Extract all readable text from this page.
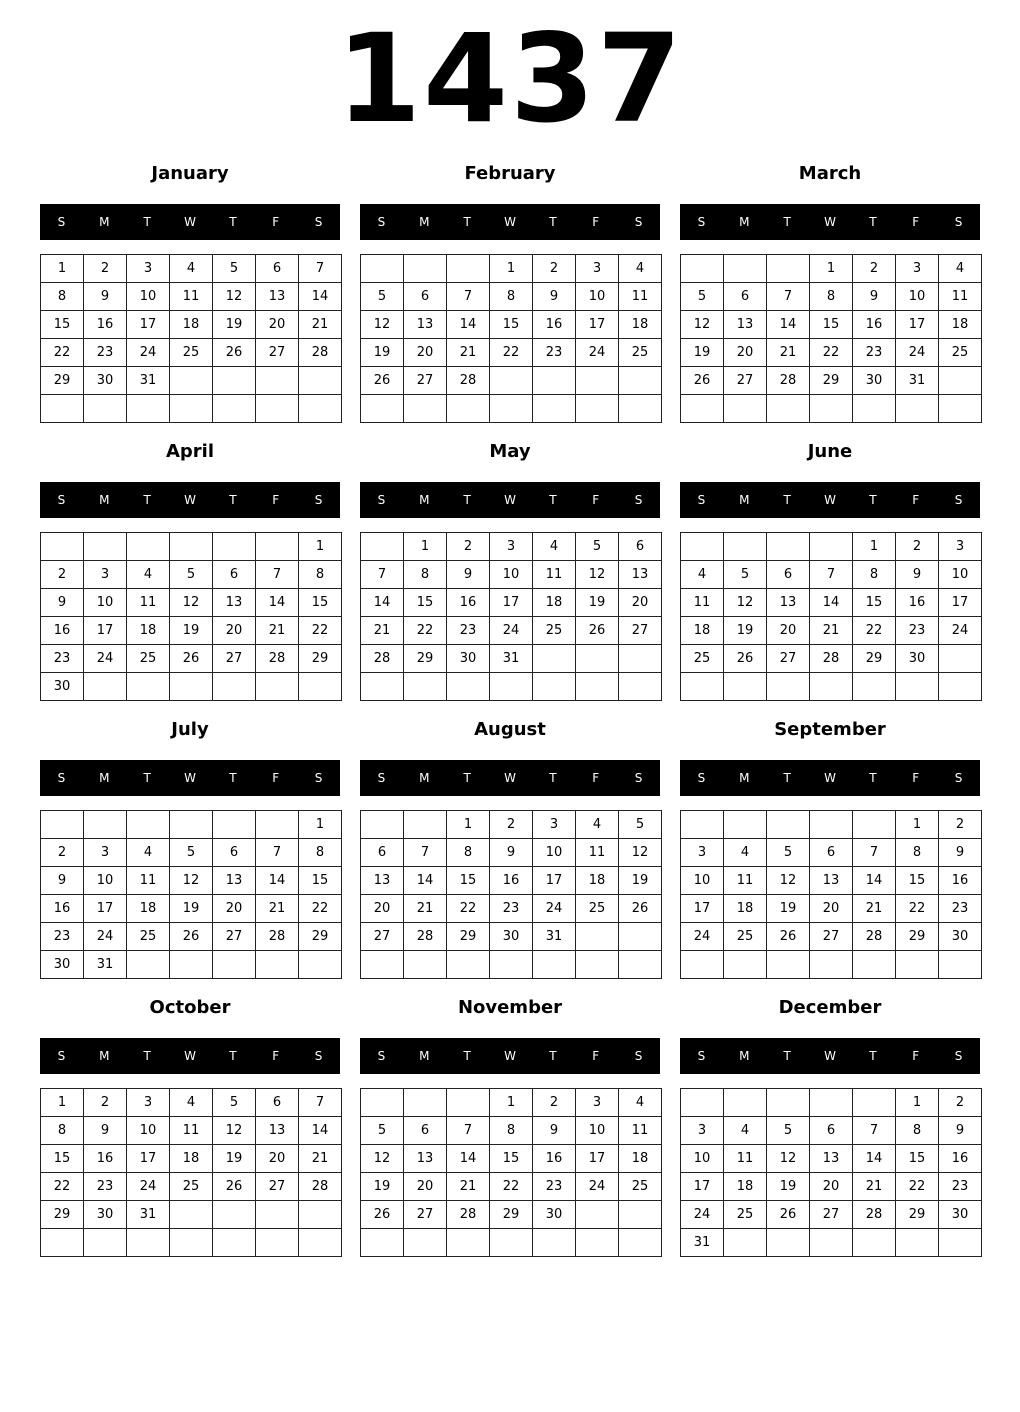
1437
January
S	M	T	W	T	F	S
1	2	3	4	5	6	7
8	9	10	11	12	13	14
15	16	17	18	19	20	21
22	23	24	25	26	27	28
29	30	31				

February
S	M	T	W	T	F	S
			1	2	3	4
5	6	7	8	9	10	11
12	13	14	15	16	17	18
19	20	21	22	23	24	25
26	27	28				

March
S	M	T	W	T	F	S
			1	2	3	4
5	6	7	8	9	10	11
12	13	14	15	16	17	18
19	20	21	22	23	24	25
26	27	28	29	30	31	

April
S	M	T	W	T	F	S
						1
2	3	4	5	6	7	8
9	10	11	12	13	14	15
16	17	18	19	20	21	22
23	24	25	26	27	28	29
30						
May
S	M	T	W	T	F	S
	1	2	3	4	5	6
7	8	9	10	11	12	13
14	15	16	17	18	19	20
21	22	23	24	25	26	27
28	29	30	31			

June
S	M	T	W	T	F	S
				1	2	3
4	5	6	7	8	9	10
11	12	13	14	15	16	17
18	19	20	21	22	23	24
25	26	27	28	29	30	

July
S	M	T	W	T	F	S
						1
2	3	4	5	6	7	8
9	10	11	12	13	14	15
16	17	18	19	20	21	22
23	24	25	26	27	28	29
30	31					
August
S	M	T	W	T	F	S
		1	2	3	4	5
6	7	8	9	10	11	12
13	14	15	16	17	18	19
20	21	22	23	24	25	26
27	28	29	30	31		

September
S	M	T	W	T	F	S
					1	2
3	4	5	6	7	8	9
10	11	12	13	14	15	16
17	18	19	20	21	22	23
24	25	26	27	28	29	30

October
S	M	T	W	T	F	S
1	2	3	4	5	6	7
8	9	10	11	12	13	14
15	16	17	18	19	20	21
22	23	24	25	26	27	28
29	30	31				

November
S	M	T	W	T	F	S
			1	2	3	4
5	6	7	8	9	10	11
12	13	14	15	16	17	18
19	20	21	22	23	24	25
26	27	28	29	30		

December
S	M	T	W	T	F	S
					1	2
3	4	5	6	7	8	9
10	11	12	13	14	15	16
17	18	19	20	21	22	23
24	25	26	27	28	29	30
31						
